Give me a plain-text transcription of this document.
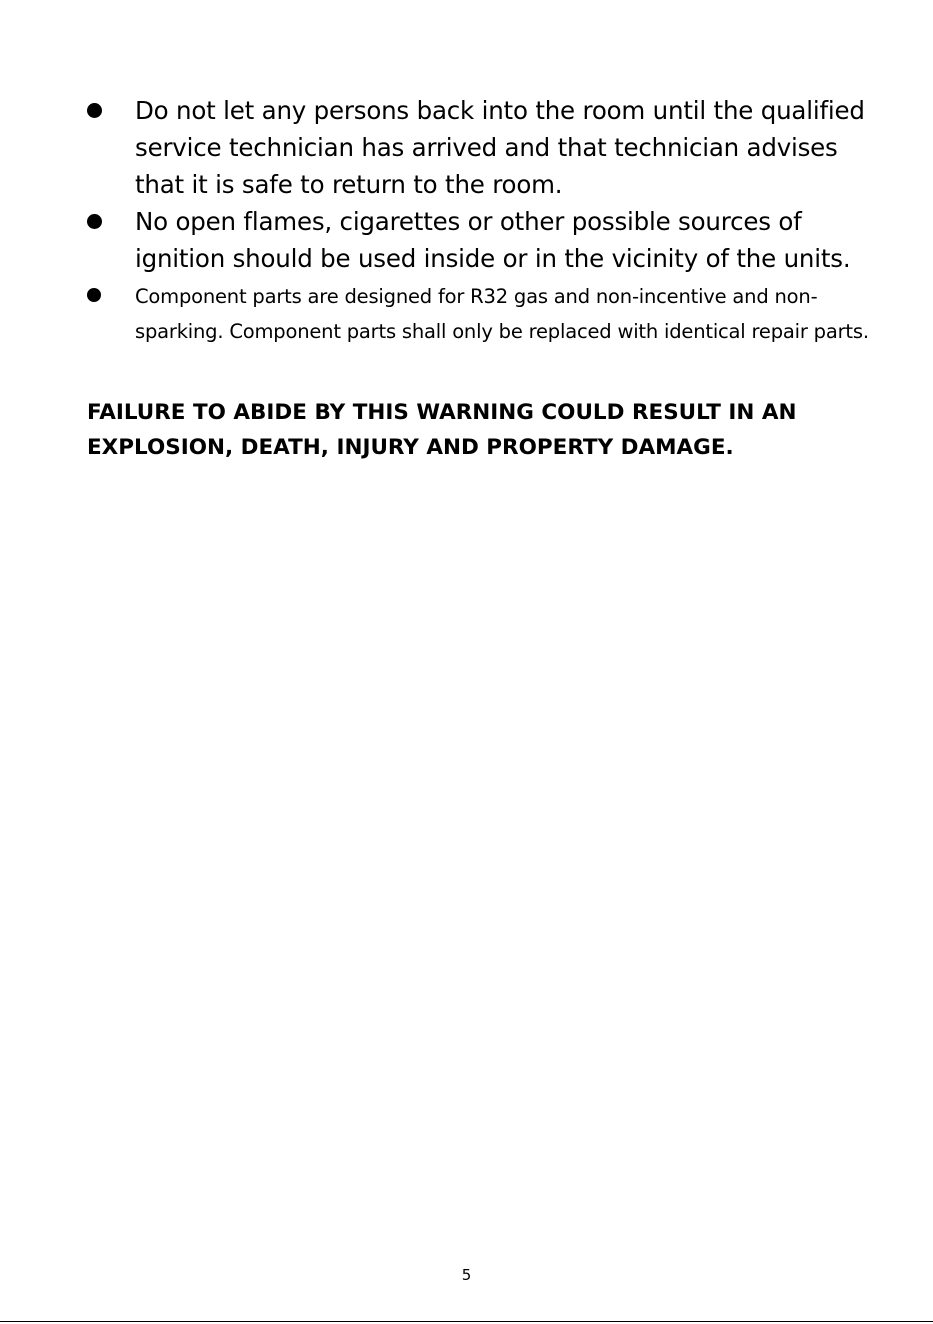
Do not let any persons back into the room until the qualified service technician has arrived and that technician advises that it is safe to return to the room.
No open flames, cigarettes or other possible sources of ignition should be used inside or in the vicinity of the units.
Component parts are designed for R32 gas and non-incentive and non-sparking. Component parts shall only be replaced with identical repair parts.

FAILURE TO ABIDE BY THIS WARNING COULD RESULT IN AN EXPLOSION, DEATH, INJURY AND PROPERTY DAMAGE.

5
